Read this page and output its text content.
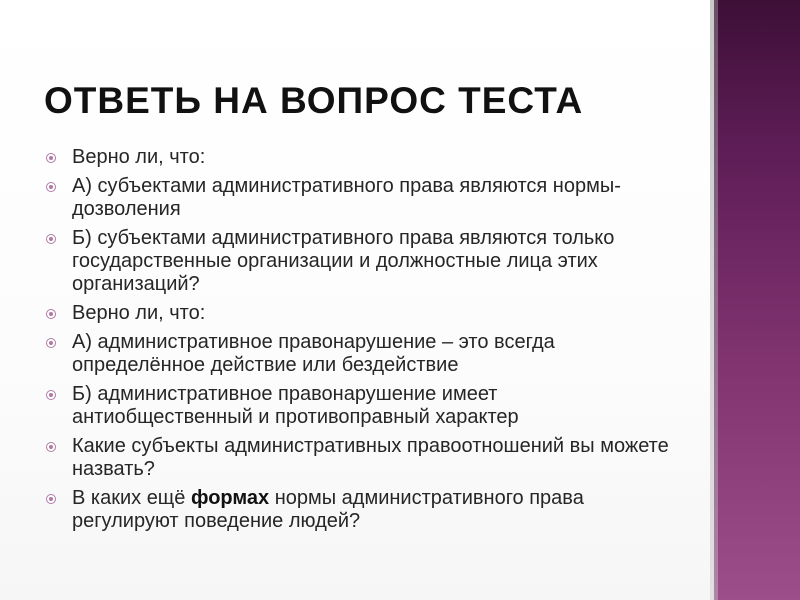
ОТВЕТЬ НА ВОПРОС ТЕСТА
Верно ли, что:
А) субъектами административного права являются нормы-дозволения
Б) субъектами административного права являются только государственные организации и должностные лица этих организаций?
Верно ли, что:
А) административное правонарушение – это всегда определённое действие или бездействие
Б) административное правонарушение имеет антиобщественный и противоправный характер
Какие субъекты административных правоотношений вы можете назвать?
В каких ещё формах нормы административного права регулируют поведение людей?
